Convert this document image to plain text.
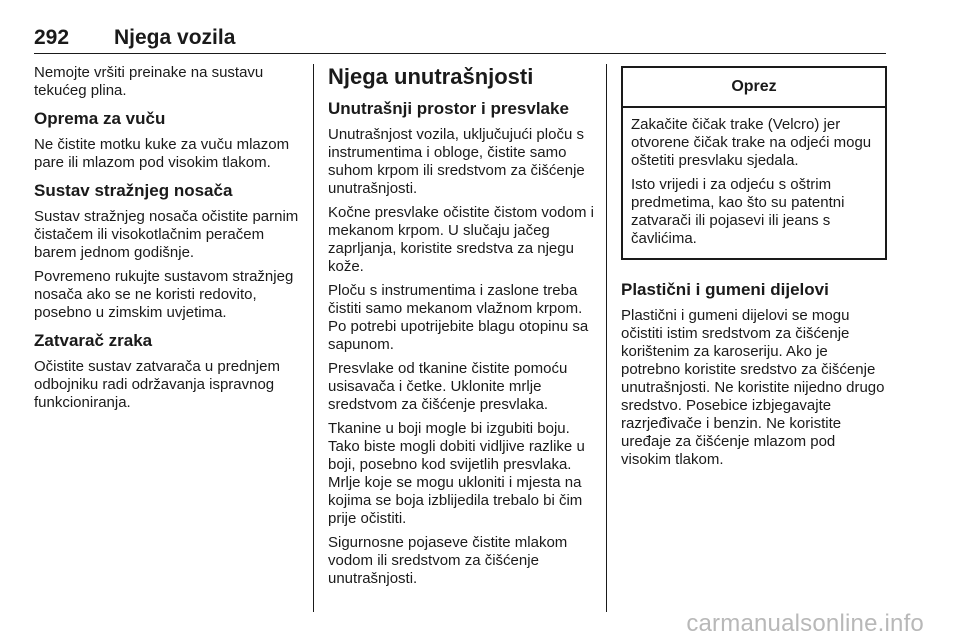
292 Njega vozila

Nemojte vršiti preinake na sustavu tekućeg plina.

Oprema za vuču

Ne čistite motku kuke za vuču mlazom pare ili mlazom pod visokim tlakom.

Sustav stražnjeg nosača

Sustav stražnjeg nosača očistite parnim čistačem ili visokotlačnim peračem barem jednom godišnje.

Povremeno rukujte sustavom stražnjeg nosača ako se ne koristi redovito, posebno u zimskim uvjetima.

Zatvarač zraka

Očistite sustav zatvarača u prednjem odbojniku radi održavanja ispravnog funkcioniranja.

Njega unutrašnjosti
Unutrašnji prostor i presvlake

Unutrašnjost vozila, uključujući ploču s instrumentima i obloge, čistite samo suhom krpom ili sredstvom za čišćenje unutrašnjosti.

Kočne presvlake očistite čistom vodom i mekanom krpom. U slučaju jačeg zaprljanja, koristite sredstva za njegu kože.

Ploču s instrumentima i zaslone treba čistiti samo mekanom vlažnom krpom. Po potrebi upotrijebite blagu otopinu sa sapunom.

Presvlake od tkanine čistite pomoću usisavača i četke. Uklonite mrlje sredstvom za čišćenje presvlaka.

Tkanine u boji mogle bi izgubiti boju. Tako biste mogli dobiti vidljive razlike u boji, posebno kod svijetlih presvlaka. Mrlje koje se mogu ukloniti i mjesta na kojima se boja izblijedila trebalo bi čim prije očistiti.

Sigurnosne pojaseve čistite mlakom vodom ili sredstvom za čišćenje unutrašnjosti.

Oprez

Zakačite čičak trake (Velcro) jer otvorene čičak trake na odjeći mogu oštetiti presvlaku sjedala.

Isto vrijedi i za odjeću s oštrim predmetima, kao što su patentni zatvarači ili pojasevi ili jeans s čavlićima.

Plastični i gumeni dijelovi

Plastični i gumeni dijelovi se mogu očistiti istim sredstvom za čišćenje korištenim za karoseriju. Ako je potrebno koristite sredstvo za čišćenje unutrašnjosti. Ne koristite nijedno drugo sredstvo. Posebice izbjegavajte razrjeđivače i benzin. Ne koristite uređaje za čišćenje mlazom pod visokim tlakom.

carmanualsonline.info
